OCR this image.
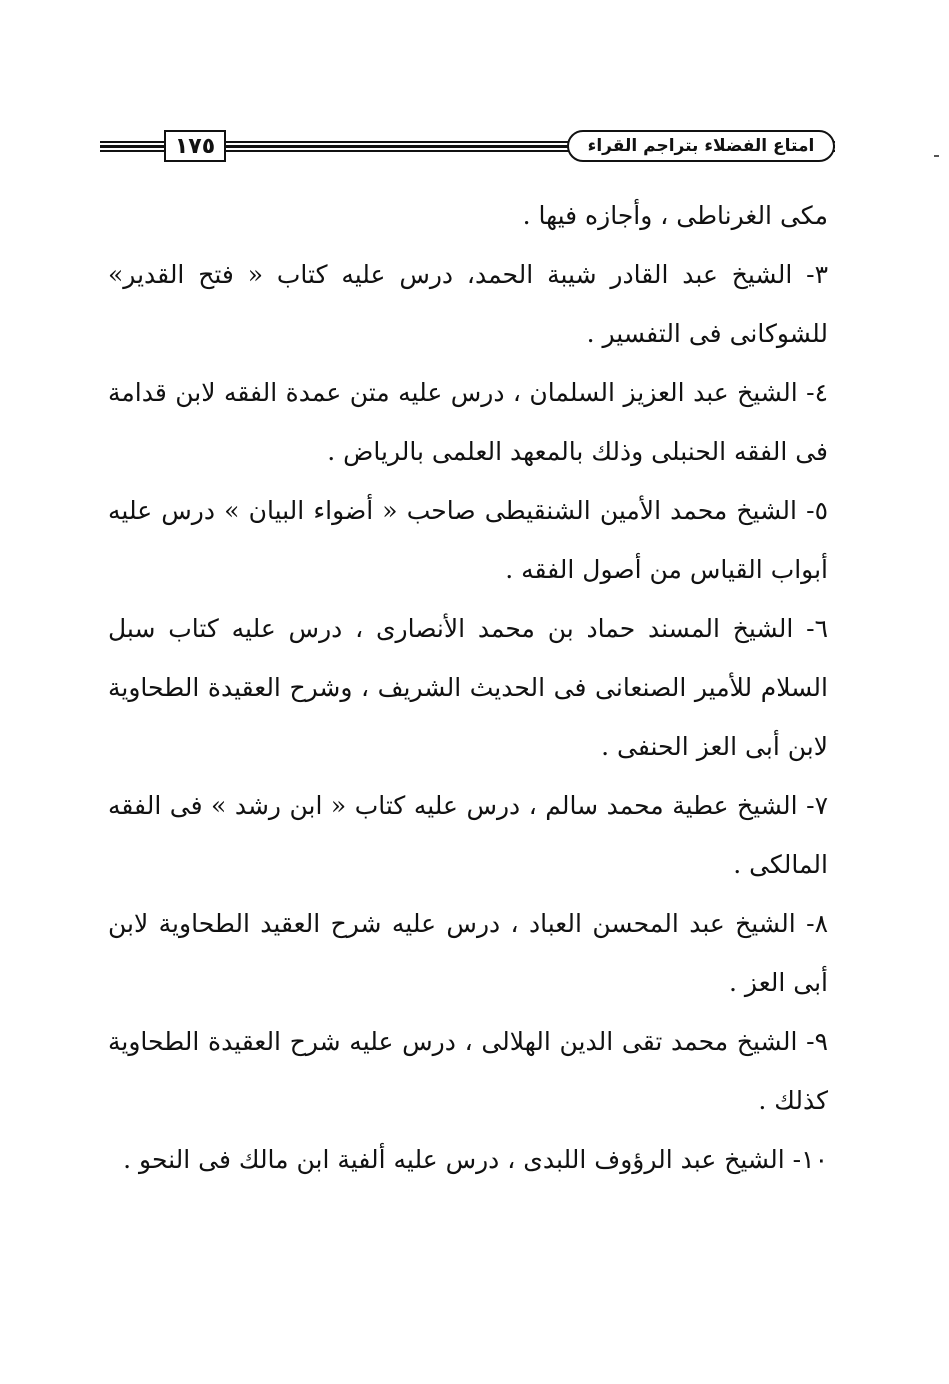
١٧٥	امتاع الفضلاء بتراجم القراء

مكى الغرناطى ، وأجازه فيها .

٣- الشيخ عبد القادر شيبة الحمد، درس عليه كتاب « فتح القدير» للشوكانى فى التفسير .

٤- الشيخ عبد العزيز السلمان ، درس عليه متن عمدة الفقه لابن قدامة فى الفقه الحنبلى وذلك بالمعهد العلمى بالرياض .

٥- الشيخ محمد الأمين الشنقيطى صاحب « أضواء البيان » درس عليه أبواب القياس من أصول الفقه .

٦- الشيخ المسند حماد بن محمد الأنصارى ، درس عليه كتاب سبل السلام للأمير الصنعانى فى الحديث الشريف ، وشرح العقيدة الطحاوية لابن أبى العز الحنفى .

٧- الشيخ عطية محمد سالم ، درس عليه كتاب « ابن رشد » فى الفقه المالكى .

٨- الشيخ عبد المحسن العباد ، درس عليه شرح العقيد الطحاوية لابن أبى العز .

٩- الشيخ محمد تقى الدين الهلالى ، درس عليه شرح العقيدة الطحاوية كذلك .

١٠- الشيخ عبد الرؤوف اللبدى ، درس عليه ألفية ابن مالك فى النحو .
